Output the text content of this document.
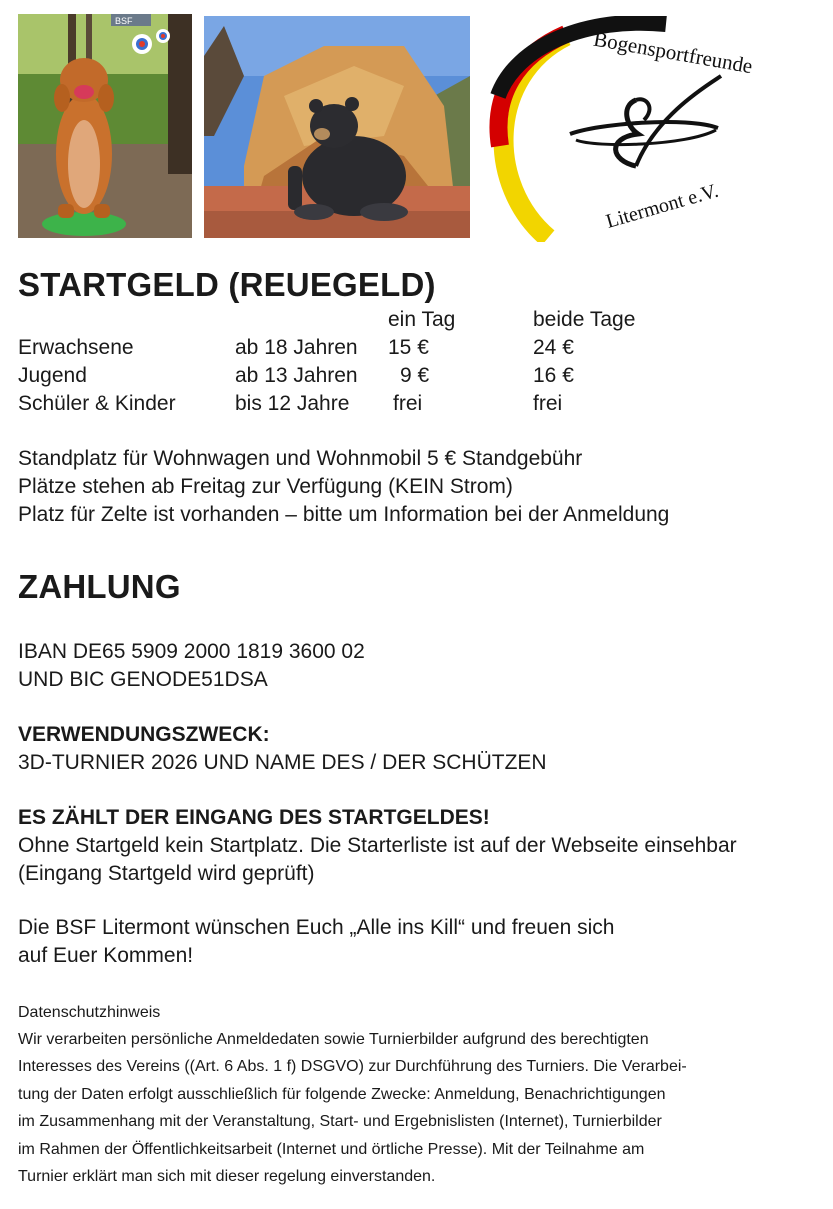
BSF
Bogensportfreunde
Litermont e.V.
STARTGELD (REUEGELD)
ein Tag	beide Tage
Erwachsene	ab 18 Jahren 15 €	24 €
Jugend	ab 13 Jahren 9 €	16 €
Schüler & Kinder	bis 12 Jahre frei	frei
Standplatz für Wohnwagen und Wohnmobil 5 € Standgebühr
Plätze stehen ab Freitag zur Verfügung (KEIN Strom)
Platz für Zelte ist vorhanden – bitte um Information bei der Anmeldung
ZAHLUNG
IBAN DE65 5909 2000 1819 3600 02
UND BIC GENODE51DSA
VERWENDUNGSZWECK:
3D-TURNIER 2026 UND NAME DES / DER SCHÜTZEN
ES ZÄHLT DER EINGANG DES STARTGELDES!
Ohne Startgeld kein Startplatz. Die Starterliste ist auf der Webseite einsehbar
(Eingang Startgeld wird geprüft)
Die BSF Litermont wünschen Euch „Alle ins Kill“ und freuen sich
auf Euer Kommen!
Datenschutzhinweis
Wir verarbeiten persönliche Anmeldedaten sowie Turnierbilder aufgrund des berechtigten
Interesses des Vereins ((Art. 6 Abs. 1 f) DSGVO) zur Durchführung des Turniers. Die Verarbei-
tung der Daten erfolgt ausschließlich für folgende Zwecke: Anmeldung, Benachrichtigungen
im Zusammenhang mit der Veranstaltung, Start- und Ergebnislisten (Internet), Turnierbilder
im Rahmen der Öffentlichkeitsarbeit (Internet und örtliche Presse). Mit der Teilnahme am
Turnier erklärt man sich mit dieser regelung einverstanden.
